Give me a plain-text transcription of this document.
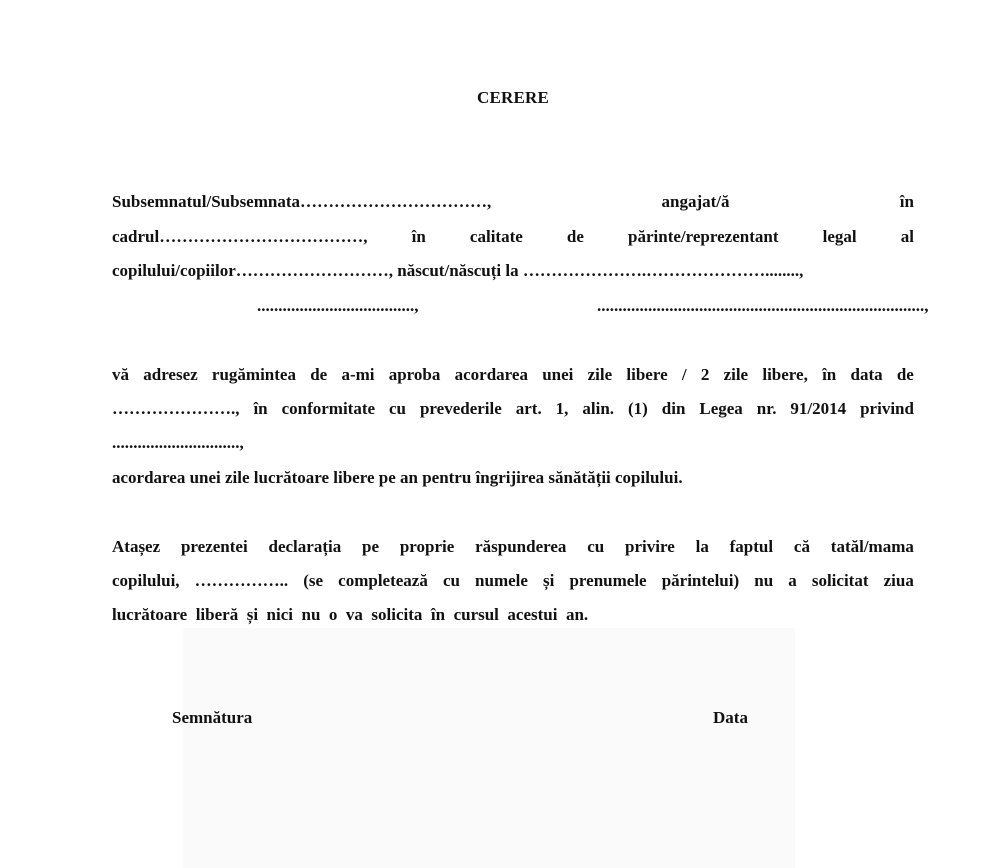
CERERE
Subsemnatul/Subsemnata……………………………,	angajat/ă	în
cadrul………………………………,	în	calitate	de	părinte/reprezentant	legal	al
copilului/copiilor………………………, născut/născuți la ………………….…………………........,
.....................................,	.............................................................................,
vă adresez rugămintea de a-mi aproba acordarea unei zile libere / 2 zile libere, în data de
…………………., în conformitate cu prevederile art. 1, alin. (1) din Legea nr. 91/2014 privind
..............................,
acordarea unei zile lucrătoare libere pe an pentru îngrijirea sănătății copilului.
Atașez prezentei declarația pe proprie răspunderea cu privire la faptul că tatăl/mama
copilului, …………….. (se completează cu numele și prenumele părintelui) nu a solicitat ziua
lucrătoare  liberă  și  nici  nu  o  va  solicita  în  cursul  acestui  an.
Semnătura	Data
